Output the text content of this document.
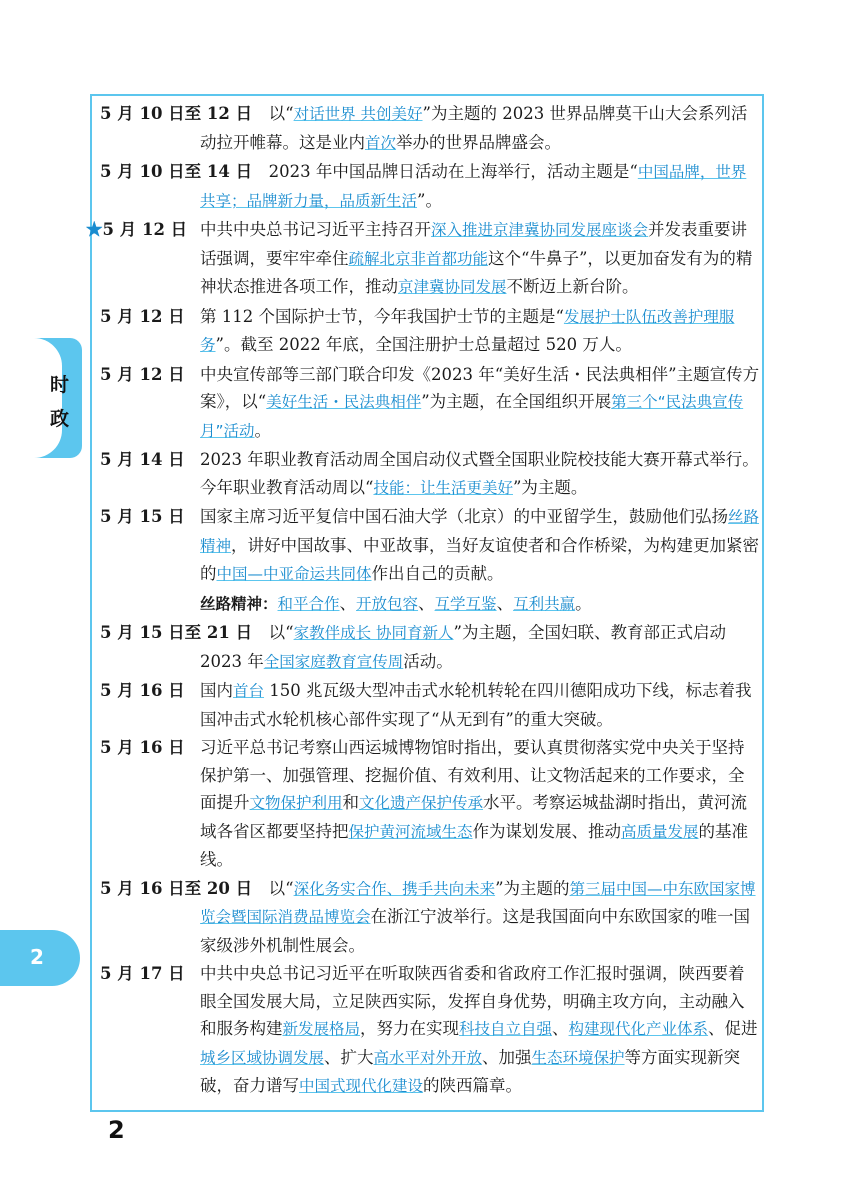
时
政
2
5 月 10 日至 12 日　 以“对话世界 共创美好”为主题的 2023 世界品牌莫干山大会系列活动拉开帷幕。这是业内首次举办的世界品牌盛会。
5 月 10 日至 14 日　 2023 年中国品牌日活动在上海举行，活动主题是“中国品牌，世界共享；品牌新力量，品质新生活”。
★5 月 12 日 中共中央总书记习近平主持召开深入推进京津冀协同发展座谈会并发表重要讲话强调，要牢牢牵住疏解北京非首都功能这个“牛鼻子”，以更加奋发有为的精神状态推进各项工作，推动京津冀协同发展不断迈上新台阶。
5 月 12 日 第 112 个国际护士节，今年我国护士节的主题是“发展护士队伍改善护理服务”。截至 2022 年底，全国注册护士总量超过 520 万人。
5 月 12 日 中央宣传部等三部门联合印发《2023 年“美好生活・民法典相伴”主题宣传方案》，以“美好生活・民法典相伴”为主题，在全国组织开展第三个“民法典宣传月”活动。
5 月 14 日 2023 年职业教育活动周全国启动仪式暨全国职业院校技能大赛开幕式举行。今年职业教育活动周以“技能：让生活更美好”为主题。
5 月 15 日 国家主席习近平复信中国石油大学（北京）的中亚留学生，鼓励他们弘扬丝路精神，讲好中国故事、中亚故事，当好友谊使者和合作桥梁，为构建更加紧密的中国—中亚命运共同体作出自己的贡献。
丝路精神：和平合作、开放包容、互学互鉴、互利共赢。
5 月 15 日至 21 日　 以“家教伴成长 协同育新人”为主题，全国妇联、教育部正式启动 2023 年全国家庭教育宣传周活动。
5 月 16 日 国内首台 150 兆瓦级大型冲击式水轮机转轮在四川德阳成功下线，标志着我国冲击式水轮机核心部件实现了“从无到有”的重大突破。
5 月 16 日 习近平总书记考察山西运城博物馆时指出，要认真贯彻落实党中央关于坚持保护第一、加强管理、挖掘价值、有效利用、让文物活起来的工作要求，全面提升文物保护利用和文化遗产保护传承水平。考察运城盐湖时指出，黄河流域各省区都要坚持把保护黄河流域生态作为谋划发展、推动高质量发展的基准线。
5 月 16 日至 20 日　 以“深化务实合作、携手共向未来”为主题的第三届中国—中东欧国家博览会暨国际消费品博览会在浙江宁波举行。这是我国面向中东欧国家的唯一国家级涉外机制性展会。
5 月 17 日 中共中央总书记习近平在听取陕西省委和省政府工作汇报时强调，陕西要着眼全国发展大局，立足陕西实际，发挥自身优势，明确主攻方向，主动融入和服务构建新发展格局，努力在实现科技自立自强、构建现代化产业体系、促进城乡区域协调发展、扩大高水平对外开放、加强生态环境保护等方面实现新突破，奋力谱写中国式现代化建设的陕西篇章。
2
